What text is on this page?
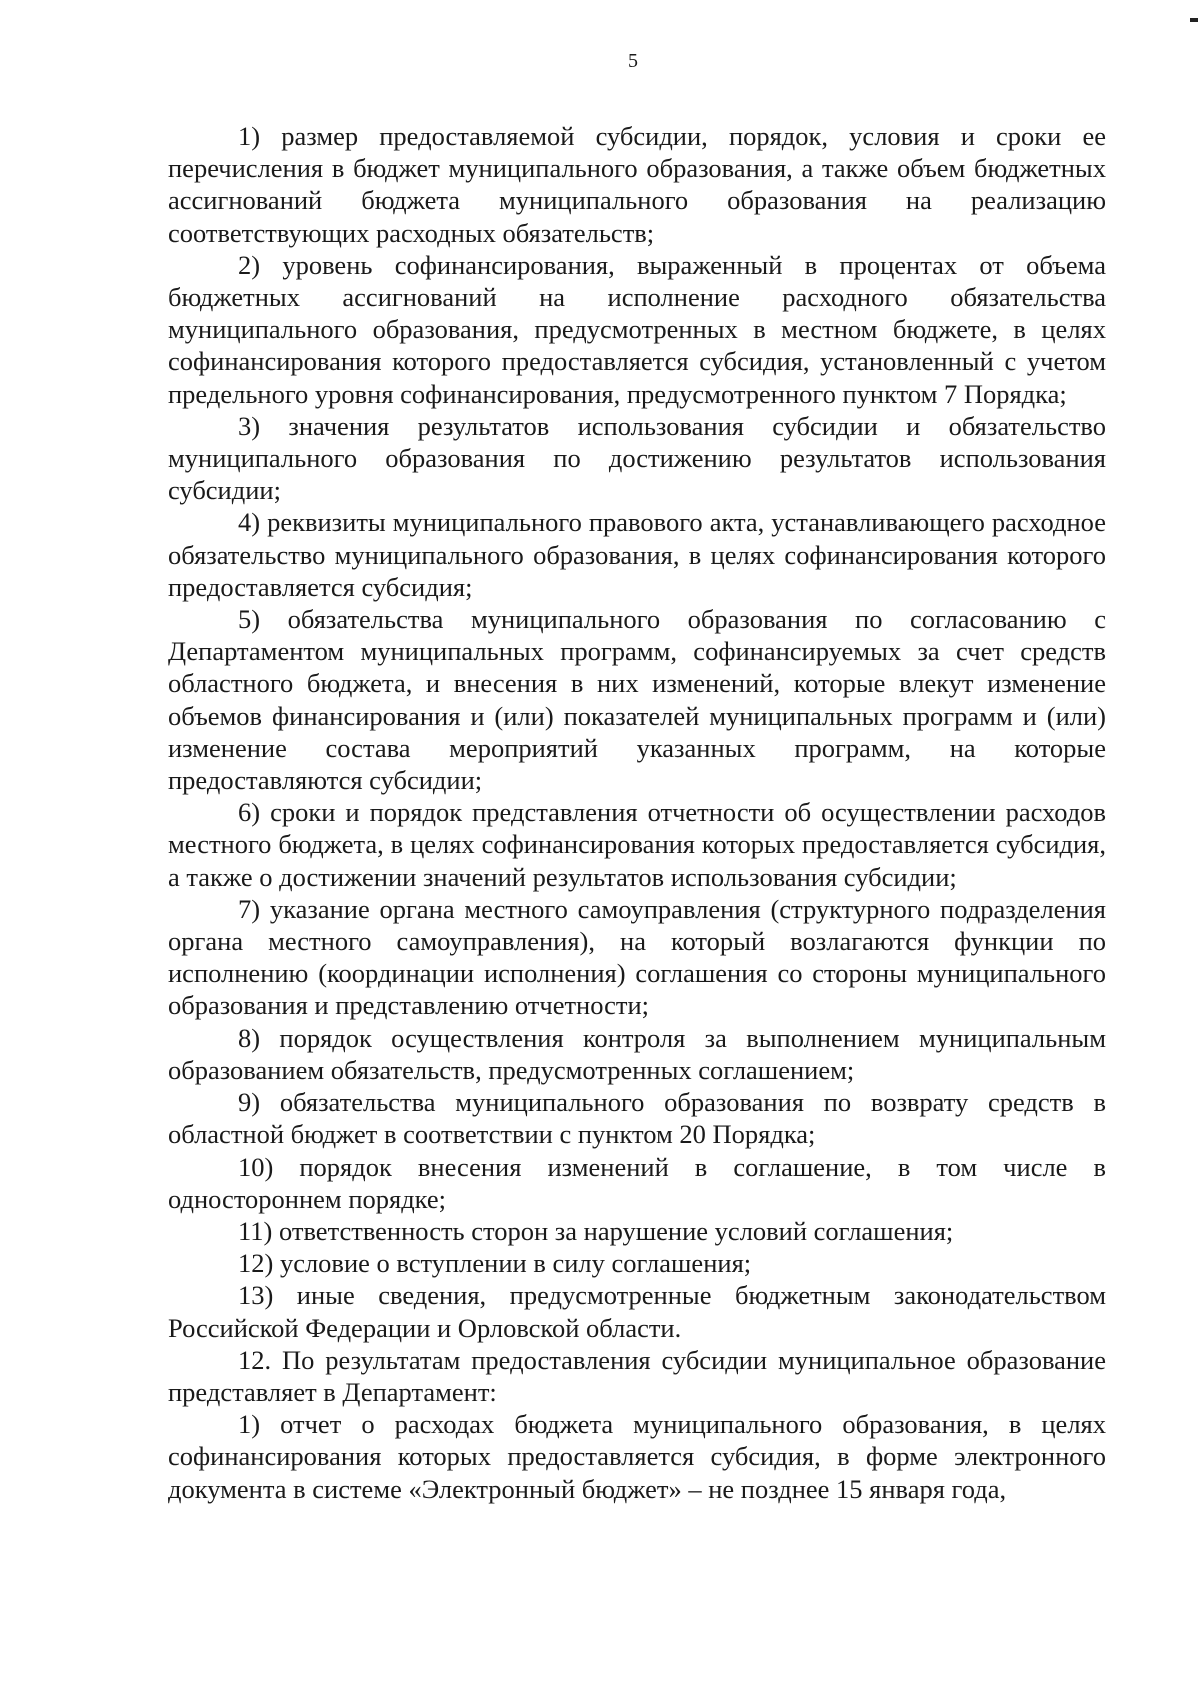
5

1) размер предоставляемой субсидии, порядок, условия и сроки ее перечисления в бюджет муниципального образования, а также объем бюджетных ассигнований бюджета муниципального образования на реализацию соответствующих расходных обязательств;

2) уровень софинансирования, выраженный в процентах от объема бюджетных ассигнований на исполнение расходного обязательства муниципального образования, предусмотренных в местном бюджете, в целях софинансирования которого предоставляется субсидия, установленный с учетом предельного уровня софинансирования, предусмотренного пунктом 7 Порядка;

3) значения результатов использования субсидии и обязательство муниципального образования по достижению результатов использования субсидии;

4) реквизиты муниципального правового акта, устанавливающего расходное обязательство муниципального образования, в целях софинансирования которого предоставляется субсидия;

5) обязательства муниципального образования по согласованию с Департаментом муниципальных программ, софинансируемых за счет средств областного бюджета, и внесения в них изменений, которые влекут изменение объемов финансирования и (или) показателей муниципальных программ и (или) изменение состава мероприятий указанных программ, на которые предоставляются субсидии;

6) сроки и порядок представления отчетности об осуществлении расходов местного бюджета, в целях софинансирования которых предоставляется субсидия, а также о достижении значений результатов использования субсидии;

7) указание органа местного самоуправления (структурного подразделения органа местного самоуправления), на который возлагаются функции по исполнению (координации исполнения) соглашения со стороны муниципального образования и представлению отчетности;

8) порядок осуществления контроля за выполнением муниципальным образованием обязательств, предусмотренных соглашением;

9) обязательства муниципального образования по возврату средств в областной бюджет в соответствии с пунктом 20 Порядка;

10) порядок внесения изменений в соглашение, в том числе в одностороннем порядке;

11) ответственность сторон за нарушение условий соглашения;

12) условие о вступлении в силу соглашения;

13) иные сведения, предусмотренные бюджетным законодательством Российской Федерации и Орловской области.

12. По результатам предоставления субсидии муниципальное образование представляет в Департамент:

1) отчет о расходах бюджета муниципального образования, в целях софинансирования которых предоставляется субсидия, в форме электронного документа в системе «Электронный бюджет» – не позднее 15 января года,
